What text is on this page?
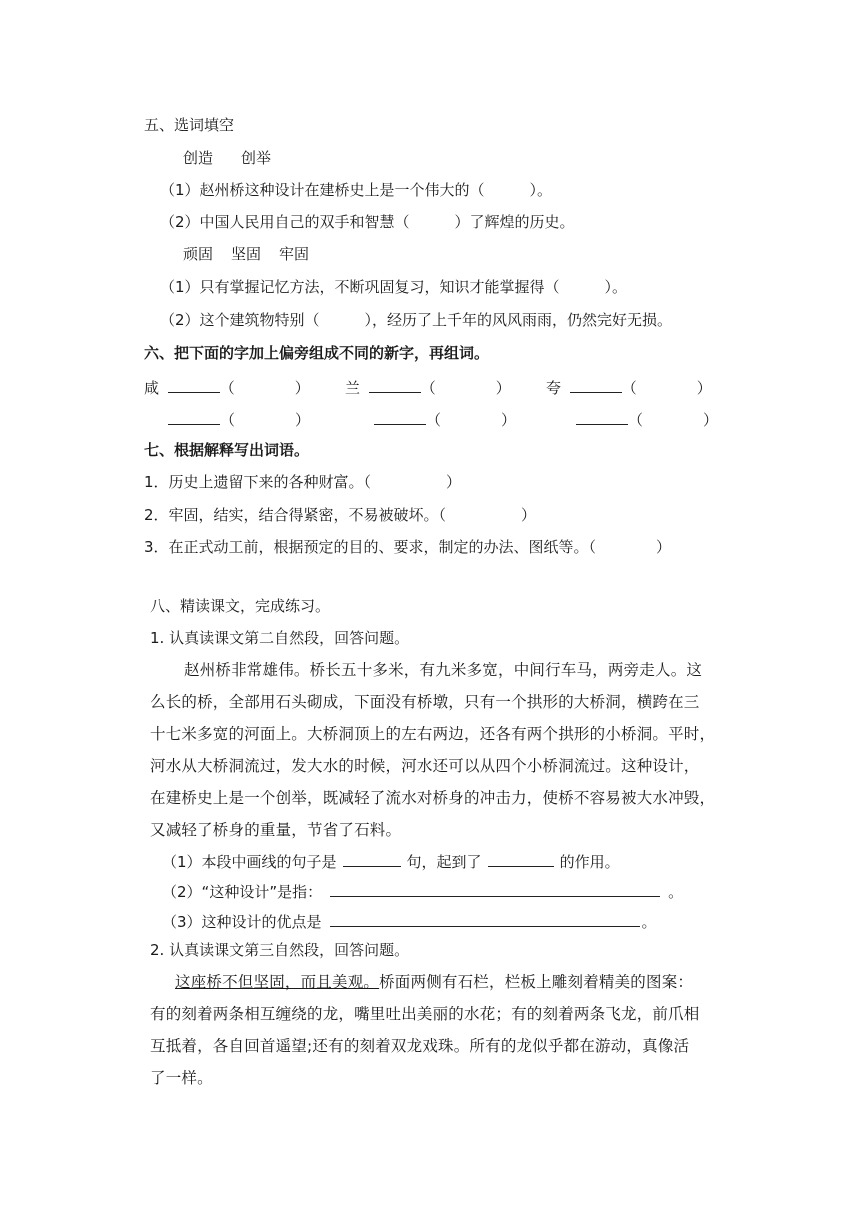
五、选词填空
创造 创举
（1）赵州桥这种设计在建桥史上是一个伟大的（　　　）。
（2）中国人民用自己的双手和智慧（　　　）了辉煌的历史。
顽固 坚固 牢固
（1）只有掌握记忆方法，不断巩固复习，知识才能掌握得（　　　）。
（2）这个建筑物特别（　　　），经历了上千年的风风雨雨，仍然完好无损。
六、把下面的字加上偏旁组成不同的新字，再组词。
咸	（　　　　） 兰	（　　　　） 夸	（　　　　）
（　　　　）	（　　　　）	（　　　　）
七、根据解释写出词语。
1．历史上遗留下来的各种财富。（　　　　　）
2．牢固，结实，结合得紧密，不易被破坏。（　　　　　）
3．在正式动工前，根据预定的目的、要求，制定的办法、图纸等。（　　　　）
八、精读课文，完成练习。
1. 认真读课文第二自然段，回答问题。
赵州桥非常雄伟。桥长五十多米，有九米多宽，中间行车马，两旁走人。这
么长的桥，全部用石头砌成，下面没有桥墩，只有一个拱形的大桥洞，横跨在三
十七米多宽的河面上。大桥洞顶上的左右两边，还各有两个拱形的小桥洞。平时，
河水从大桥洞流过，发大水的时候，河水还可以从四个小桥洞流过。这种设计，
在建桥史上是一个创举，既减轻了流水对桥身的冲击力，使桥不容易被大水冲毁，
又减轻了桥身的重量，节省了石料。
（1）本段中画线的句子是	句，起到了	的作用。
（2）“这种设计”是指：	。
（3）这种设计的优点是	。
2. 认真读课文第三自然段，回答问题。
这座桥不但坚固，而且美观。桥面两侧有石栏，栏板上雕刻着精美的图案：
有的刻着两条相互缠绕的龙，嘴里吐出美丽的水花；有的刻着两条飞龙，前爪相
互抵着，各自回首遥望;还有的刻着双龙戏珠。所有的龙似乎都在游动，真像活
了一样。
